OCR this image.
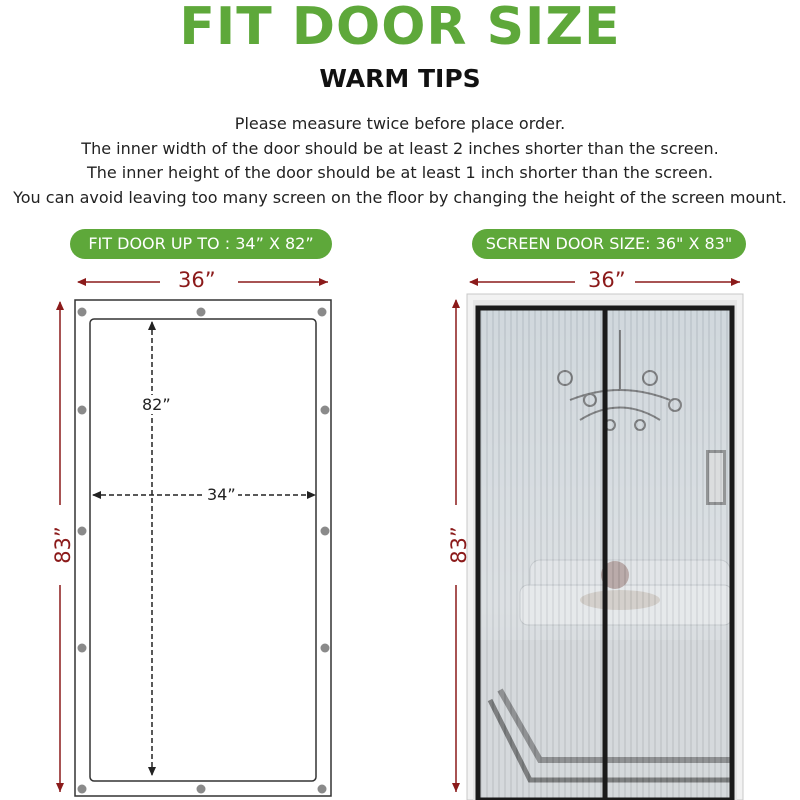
FIT DOOR SIZE
WARM TIPS
Please measure twice before place order.
The inner width of the door should be at least 2 inches shorter than the screen.
The inner height of the door should be at least 1 inch shorter than the screen.
You can avoid leaving too many screen on the floor by changing the height of the screen mount.
FIT DOOR UP TO : 34” X 82”	SCREEN DOOR SIZE: 36" X 83"
36”
83”
82”
34”
36”
83”
